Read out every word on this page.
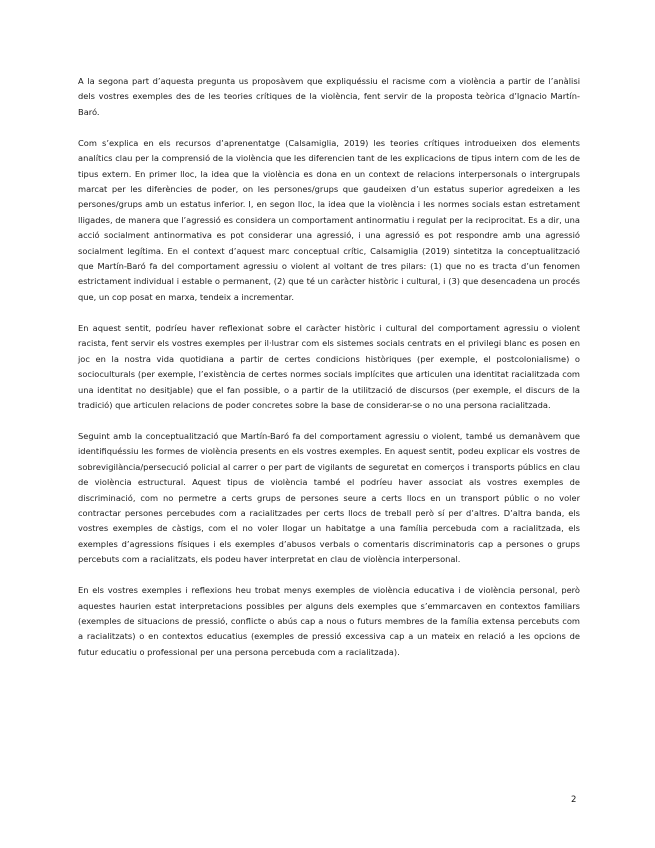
A la segona part d’aquesta pregunta us proposàvem que expliquéssiu el racisme com a violència a partir de l’anàlisi dels vostres exemples des de les teories crítiques de la violència, fent servir de la proposta teòrica d’Ignacio Martín-Baró.

Com s’explica en els recursos d’aprenentatge (Calsamiglia, 2019) les teories crítiques introdueixen dos elements analítics clau per la comprensió de la violència que les diferencien tant de les explicacions de tipus intern com de les de tipus extern. En primer lloc, la idea que la violència es dona en un context de relacions interpersonals o intergrupals marcat per les diferències de poder, on les persones/grups que gaudeixen d’un estatus superior agredeixen a les persones/grups amb un estatus inferior. I, en segon lloc, la idea que la violència i les normes socials estan estretament lligades, de manera que l’agressió es considera un comportament antinormatiu i regulat per la reciprocitat. Es a dir, una acció socialment antinormativa es pot considerar una agressió, i una agressió es pot respondre amb una agressió socialment legítima. En el context d’aquest marc conceptual crític, Calsamiglia (2019) sintetitza la conceptualització que Martín-Baró fa del comportament agressiu o violent al voltant de tres pilars: (1) que no es tracta d’un fenomen estrictament individual i estable o permanent, (2) que té un caràcter històric i cultural, i (3) que desencadena un procés que, un cop posat en marxa, tendeix a incrementar.

En aquest sentit, podríeu haver reflexionat sobre el caràcter històric i cultural del comportament agressiu o violent racista, fent servir els vostres exemples per il·lustrar com els sistemes socials centrats en el privilegi blanc es posen en joc en la nostra vida quotidiana a partir de certes condicions històriques (per exemple, el postcolonialisme) o socioculturals (per exemple, l’existència de certes normes socials implícites que articulen una identitat racialitzada com una identitat no desitjable) que el fan possible, o a partir de la utilització de discursos (per exemple, el discurs de la tradició) que articulen relacions de poder concretes sobre la base de considerar-se o no una persona racialitzada.

Seguint amb la conceptualització que Martín-Baró fa del comportament agressiu o violent, també us demanàvem que identifiquéssiu les formes de violència presents en els vostres exemples. En aquest sentit, podeu explicar els vostres de sobrevigilància/persecució policial al carrer o per part de vigilants de seguretat en comerços i transports públics en clau de violència estructural. Aquest tipus de violència també el podríeu haver associat als vostres exemples de discriminació, com no permetre a certs grups de persones seure a certs llocs en un transport públic o no voler contractar persones percebudes com a racialitzades per certs llocs de treball però sí per d’altres. D’altra banda, els vostres exemples de càstigs, com el no voler llogar un habitatge a una família percebuda com a racialitzada, els exemples d’agressions físiques i els exemples d’abusos verbals o comentaris discriminatoris cap a persones o grups percebuts com a racialitzats, els podeu haver interpretat en clau de violència interpersonal.

En els vostres exemples i reflexions heu trobat menys exemples de violència educativa i de violència personal, però aquestes haurien estat interpretacions possibles per alguns dels exemples que s’emmarcaven en contextos familiars (exemples de situacions de pressió, conflicte o abús cap a nous o futurs membres de la família extensa percebuts com a racialitzats) o en contextos educatius (exemples de pressió excessiva cap a un mateix en relació a les opcions de futur educatiu o professional per una persona percebuda com a racialitzada).

2
